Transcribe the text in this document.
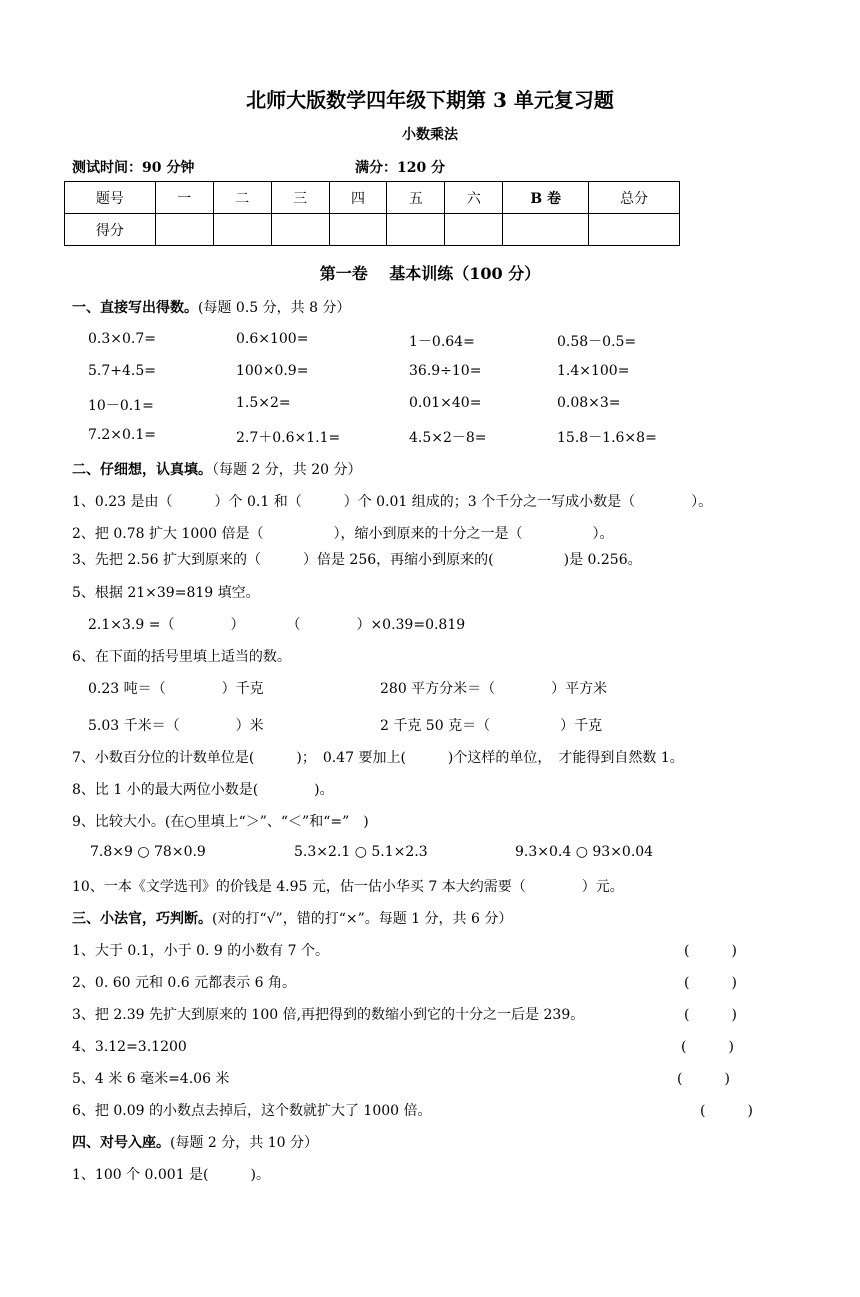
北师大版数学四年级下期第 3 单元复习题
小数乘法
测试时间：90 分钟	满分：120 分
题号	一	二	三	四	五	六	B 卷	总分
得分								
第一卷　 基本训练（100 分）
一、直接写出得数。(每题 0.5 分，共 8 分）
0.3×0.7=	0.6×100=	1－0.64=	0.58－0.5=
5.7+4.5=	100×0.9=	36.9÷10=	1.4×100=
10－0.1=	1.5×2=	0.01×40=	0.08×3=
7.2×0.1=	2.7＋0.6×1.1=	4.5×2－8=	15.8－1.6×8=
二、仔细想，认真填。（每题 2 分，共 20 分）
1、0.23 是由（　　　）个 0.1 和（　　　）个 0.01 组成的；3 个千分之一写成小数是（　　　　）。
2、把 0.78 扩大 1000 倍是（　　　　　），缩小到原来的十分之一是（　　　　　）。
3、先把 2.56 扩大到原来的（　　　）倍是 256，再缩小到原来的(　　　　　)是 0.256。
5、根据 21×39=819 填空。
2.1×3.9 =（　　　　）　　　　（　　　　）×0.39=0.819
6、在下面的括号里填上适当的数。
0.23 吨＝（　　　　）千克	280 平方分米＝（　　　　）平方米
5.03 千米＝（　　　　）米	2 千克 50 克＝（　　　　　）千克
7、小数百分位的计数单位是(　　　)；　0.47 要加上(　　　)个这样的单位，　才能得到自然数 1。
8、比 1 小的最大两位小数是(　　　　)。
9、比较大小。(在○里填上“＞”、“＜”和“=”　)
7.8×9 ○ 78×0.9	5.3×2.1 ○ 5.1×2.3	9.3×0.4 ○ 93×0.04
10、一本《文学选刊》的价钱是 4.95 元，估一估小华买 7 本大约需要（　　　　）元。
三、小法官，巧判断。(对的打“√”，错的打“×”。每题 1 分，共 6 分）
1、大于 0.1，小于 0. 9 的小数有 7 个。	(　　　)
2、0. 60 元和 0.6 元都表示 6 角。	(　　　)
3、把 2.39 先扩大到原来的 100 倍,再把得到的数缩小到它的十分之一后是 239。	(　　　)
4、3.12=3.1200	(　　　)
5、4 米 6 毫米=4.06 米	(　　　)
6、把 0.09 的小数点去掉后，这个数就扩大了 1000 倍。	(　　　)
四、对号入座。(每题 2 分，共 10 分）
1、100 个 0.001 是(　　　)。
